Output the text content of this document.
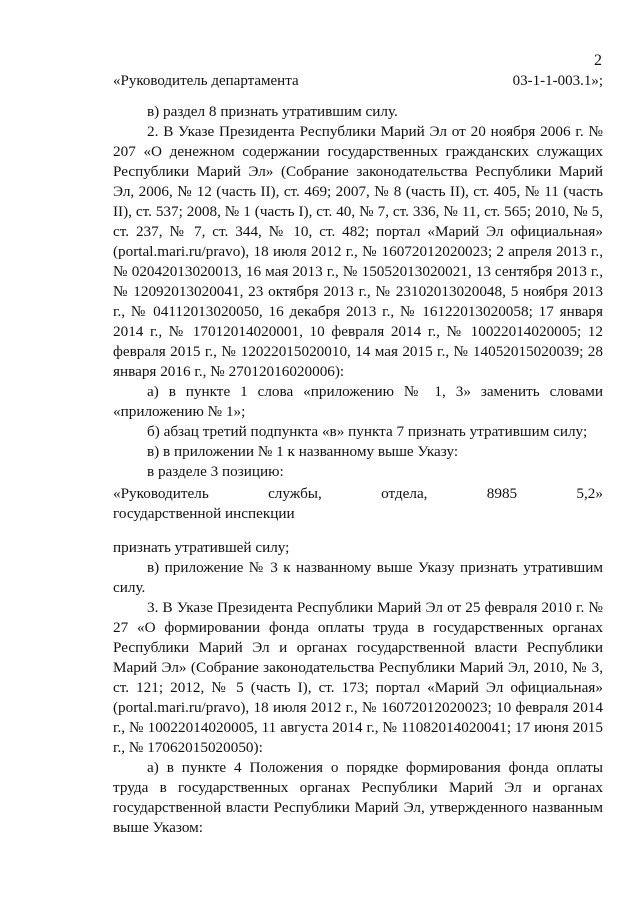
2
«Руководитель департамента	03-1-1-003.1»;

в) раздел 8 признать утратившим силу.

2. В Указе Президента Республики Марий Эл от 20 ноября 2006 г. № 207 «О денежном содержании государственных гражданских служащих Республики Марий Эл» (Собрание законодательства Республики Марий Эл, 2006, № 12 (часть II), ст. 469; 2007, № 8 (часть II), ст. 405, № 11 (часть II), ст. 537; 2008, № 1 (часть I), ст. 40, № 7, ст. 336, № 11, ст. 565; 2010, № 5, ст. 237, № 7, ст. 344, № 10, ст. 482; портал «Марий Эл официальная» (portal.mari.ru/pravo), 18 июля 2012 г., № 16072012020023; 2 апреля 2013 г., № 02042013020013, 16 мая 2013 г., № 15052013020021, 13 сентября 2013 г., № 12092013020041, 23 октября 2013 г., № 23102013020048, 5 ноября 2013 г., № 04112013020050, 16 декабря 2013 г., № 16122013020058; 17 января 2014 г., № 17012014020001, 10 февраля 2014 г., № 10022014020005; 12 февраля 2015 г., № 12022015020010, 14 мая 2015 г., № 14052015020039; 28 января 2016 г., № 27012016020006):

а) в пункте 1 слова «приложению № 1, 3» заменить словами «приложению № 1»;

б) абзац третий подпункта «в» пункта 7 признать утратившим силу;

в) в приложении № 1 к названному выше Указу:

в разделе 3 позицию:

«Руководитель	службы,	отдела,	8985	5,2»
государственной инспекции

признать утратившей силу;

в) приложение № 3 к названному выше Указу признать утратившим силу.

3. В Указе Президента Республики Марий Эл от 25 февраля 2010 г. № 27 «О формировании фонда оплаты труда в государственных органах Республики Марий Эл и органах государственной власти Республики Марий Эл» (Собрание законодательства Республики Марий Эл, 2010, № 3, ст. 121; 2012, № 5 (часть I), ст. 173; портал «Марий Эл официальная» (portal.mari.ru/pravo), 18 июля 2012 г., № 16072012020023; 10 февраля 2014 г., № 10022014020005, 11 августа 2014 г., № 11082014020041; 17 июня 2015 г., № 17062015020050):

а) в пункте 4 Положения о порядке формирования фонда оплаты труда в государственных органах Республики Марий Эл и органах государственной власти Республики Марий Эл, утвержденного названным выше Указом:
